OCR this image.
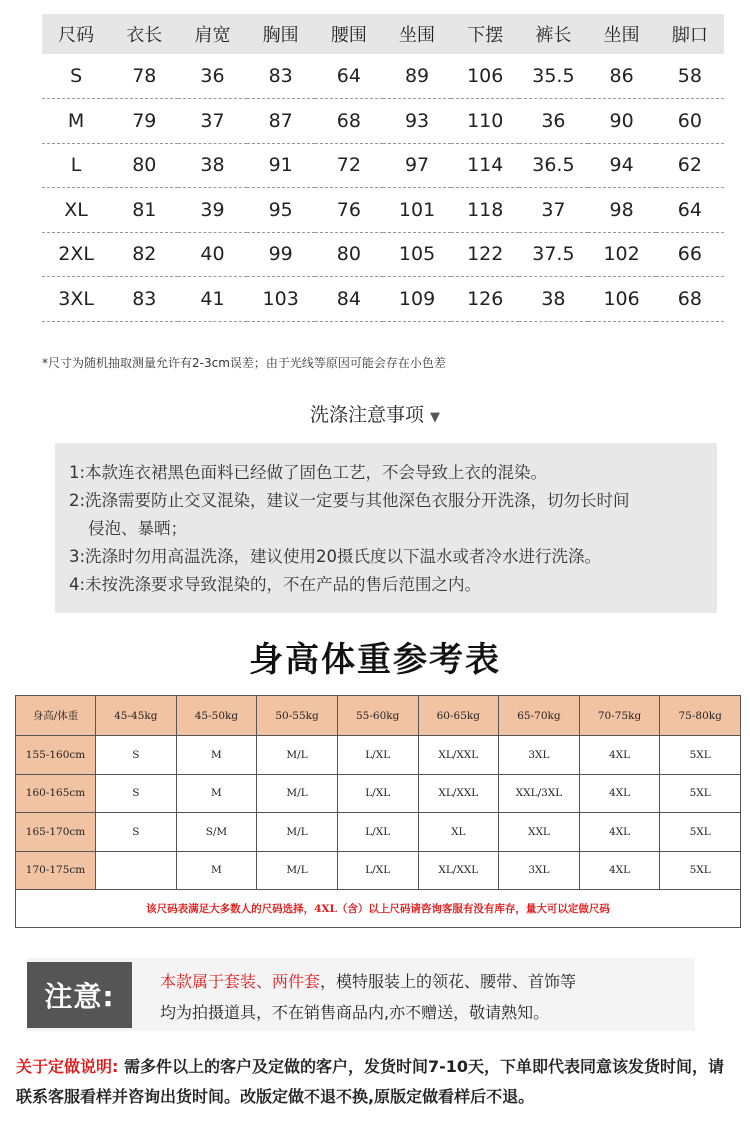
尺码	衣长	肩宽	胸围	腰围	坐围	下摆	裤长	坐围	脚口
S	78	36	83	64	89	106	35.5	86	58
M	79	37	87	68	93	110	36	90	60
L	80	38	91	72	97	114	36.5	94	62
XL	81	39	95	76	101	118	37	98	64
2XL	82	40	99	80	105	122	37.5	102	66
3XL	83	41	103	84	109	126	38	106	68
*尺寸为随机抽取测量允许有2-3cm误差；由于光线等原因可能会存在小色差
洗涤注意事项 ▼

1:本款连衣裙黑色面料已经做了固色工艺，不会导致上衣的混染。

2:洗涤需要防止交叉混染，建议一定要与其他深色衣服分开洗涤，切勿长时间

侵泡、暴晒；

3:洗涤时勿用高温洗涤，建议使用20摄氏度以下温水或者冷水进行洗涤。

4:未按洗涤要求导致混染的，不在产品的售后范围之内。

身高体重参考表
身高/体重	45-45kg	45-50kg	50-55kg	55-60kg	60-65kg	65-70kg	70-75kg	75-80kg
155-160cm	S	M	M/L	L/XL	XL/XXL	3XL	4XL	5XL
160-165cm	S	M	M/L	L/XL	XL/XXL	XXL/3XL	4XL	5XL
165-170cm	S	S/M	M/L	L/XL	XL	XXL	4XL	5XL
170-175cm		M	M/L	L/XL	XL/XXL	3XL	4XL	5XL
该尺码表满足大多数人的尺码选择，4XL（含）以上尺码请咨询客服有没有库存，量大可以定做尺码								
注意:	本款属于套装、两件套，模特服装上的领花、腰带、首饰等
均为拍摄道具，不在销售商品内,亦不赠送，敬请熟知。
关于定做说明: 需多件以上的客户及定做的客户，发货时间7-10天，下单即代表同意该发货时间，请联系客服看样并咨询出货时间。改版定做不退不换,原版定做看样后不退。
